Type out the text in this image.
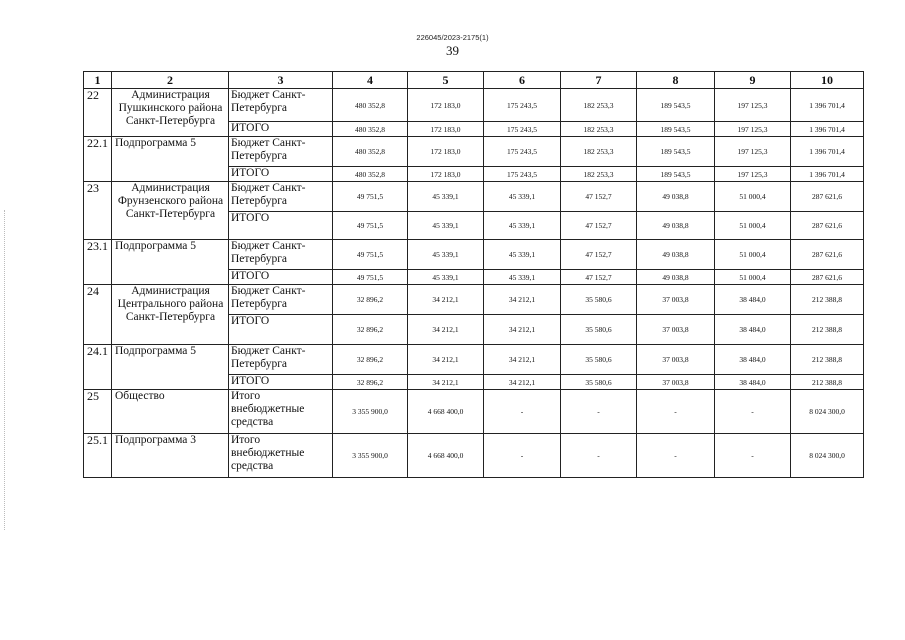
226045/2023-2175(1)
39
1	2	3	4	5	6	7	8	9	10
22	Администрация Пушкинского района Санкт-Петербурга	Бюджет Санкт-Петербурга	480 352,8	172 183,0	175 243,5	182 253,3	189 543,5	197 125,3	1 396 701,4
		ИТОГО	480 352,8	172 183,0	175 243,5	182 253,3	189 543,5	197 125,3	1 396 701,4
22.1	Подпрограмма 5	Бюджет Санкт-Петербурга	480 352,8	172 183,0	175 243,5	182 253,3	189 543,5	197 125,3	1 396 701,4
		ИТОГО	480 352,8	172 183,0	175 243,5	182 253,3	189 543,5	197 125,3	1 396 701,4
23	Администрация Фрунзенского района Санкт-Петербурга	Бюджет Санкт-Петербурга	49 751,5	45 339,1	45 339,1	47 152,7	49 038,8	51 000,4	287 621,6
		ИТОГО	49 751,5	45 339,1	45 339,1	47 152,7	49 038,8	51 000,4	287 621,6
23.1	Подпрограмма 5	Бюджет Санкт-Петербурга	49 751,5	45 339,1	45 339,1	47 152,7	49 038,8	51 000,4	287 621,6
		ИТОГО	49 751,5	45 339,1	45 339,1	47 152,7	49 038,8	51 000,4	287 621,6
24	Администрация Центрального района Санкт-Петербурга	Бюджет Санкт-Петербурга	32 896,2	34 212,1	34 212,1	35 580,6	37 003,8	38 484,0	212 388,8
		ИТОГО	32 896,2	34 212,1	34 212,1	35 580,6	37 003,8	38 484,0	212 388,8
24.1	Подпрограмма 5	Бюджет Санкт-Петербурга	32 896,2	34 212,1	34 212,1	35 580,6	37 003,8	38 484,0	212 388,8
		ИТОГО	32 896,2	34 212,1	34 212,1	35 580,6	37 003,8	38 484,0	212 388,8
25	Общество	Итого внебюджетные средства	3 355 900,0	4 668 400,0	-	-	-	-	8 024 300,0
25.1	Подпрограмма 3	Итого внебюджетные средства	3 355 900,0	4 668 400,0	-	-	-	-	8 024 300,0
